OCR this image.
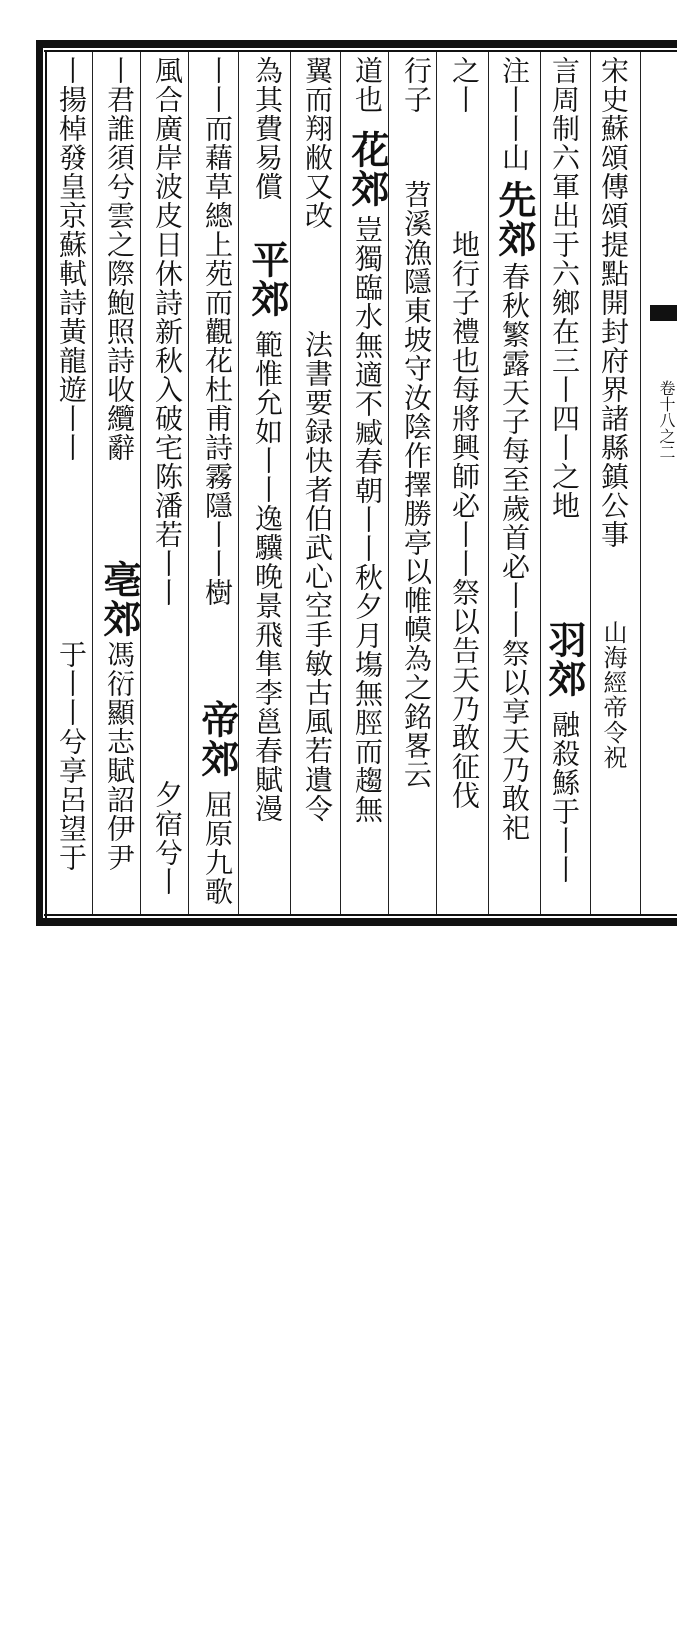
卷十八之二
宋史蘇頌傳頌提點開封府界諸縣鎮公事
山海經帝令祝
言周制六軍出于六鄉在三丨四丨之地
羽郊
融殺鯀于丨丨
注丨丨山
先郊
春秋繁露天子每至歲首必丨丨祭以享天乃敢祀
之丨
地行子禮也每將興師必丨丨祭以告天乃敢征伐
行子
苕溪漁隱東坡守汝陰作擇勝亭以帷幙為之銘畧云
道也
花郊
豈獨臨水無適不臧春朝丨丨秋夕月塲無脛而趨無
翼而翔敝又改
法書要録快者伯武心空手敏古風若遺令
為其費易償
平郊
範惟允如丨丨逸驥晚景飛隼李邕春賦漫
丨丨而藉草總上苑而觀花杜甫詩霧隱丨丨樹
帝郊
屈原九歌
風合廣岸波皮日休詩新秋入破宅陈潘若丨丨
夕宿兮丨
丨君誰須兮雲之際鮑照詩收纜辭
亳郊
馮衍顯志賦詔伊尹
丨揚棹發皇京蘇軾詩黃龍遊丨丨
于丨丨兮享呂望于
